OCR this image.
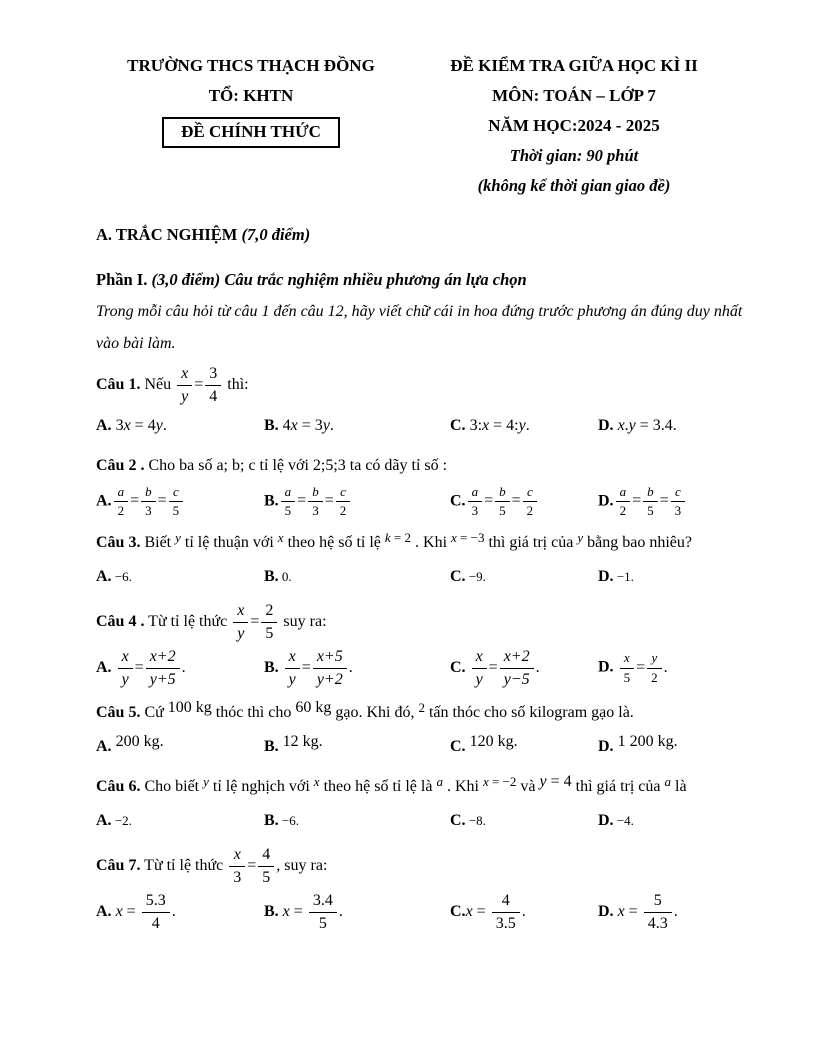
TRƯỜNG THCS THẠCH ĐỒNG

TỔ: KHTN

ĐỀ CHÍNH THỨC

ĐỀ KIỂM TRA GIỮA HỌC KÌ II

MÔN: TOÁN – LỚP 7

NĂM HỌC:2024 - 2025

Thời gian: 90 phút

(không kể thời gian giao đề)

A. TRẮC NGHIỆM (7,0 điểm)

Phần I. (3,0 điểm) Câu trắc nghiệm nhiều phương án lựa chọn

Trong mỗi câu hỏi từ câu 1 đến câu 12, hãy viết chữ cái in hoa đứng trước phương án đúng duy nhất vào bài làm.

Câu 1. Nếu $\frac{x}{y} = \frac{3}{4}$ thì:

A. 3x = 4y.	B. 4x = 3y.	C. 3:x = 4:y.	D. x.y = 3.4.

Câu 2 . Cho ba số a; b; c tỉ lệ với 2;5;3 ta có dãy tỉ số :

A. $\frac{a}{2} = \frac{b}{3} = \frac{c}{5}$	B. $\frac{a}{5} = \frac{b}{3} = \frac{c}{2}$	C. $\frac{a}{3} = \frac{b}{5} = \frac{c}{2}$	D. $\frac{a}{2} = \frac{b}{5} = \frac{c}{3}$

Câu 3. Biết $^y$ tỉ lệ thuận với $^x$ theo hệ số tỉ lệ $^k$ $^{= 2}$ . Khi $^x$ $^{= -3}$ thì giá trị của $^y$ bằng bao nhiêu?

A. −6.	B. 0.	C. −9.	D. −1.

Câu 4 . Từ tỉ lệ thức $\frac{x}{y} = \frac{2}{5}$ suy ra:

A. $\frac{x}{y} = \frac{x+2}{y+5}$ .	B. $\frac{x}{y} = \frac{x+5}{y+2}$ .	C. $\frac{x}{y} = \frac{x+2}{y-5}$ .	D. $\frac{x}{5} = \frac{y}{2}$ .

Câu 5. Cứ 100 kg thóc thì cho 60 kg gạo. Khi đó, $^2$ tấn thóc cho số kilogram gạo là.

A. 200 kg.	B. 12 kg.	C. 120 kg.	D. 1 200 kg.

Câu 6. Cho biết $^y$ tỉ lệ nghịch với $^x$ theo hệ số tỉ lệ là $^a$ . Khi $^x$ $^{= -2}$ và y = 4 thì giá trị của $^a$ là

A. −2.	B. −6.	C. −8.	D. −4.

Câu 7. Từ tỉ lệ thức $\frac{x}{3} = \frac{4}{5}$ , suy ra:

A. $x = \frac{5.3}{4}$ .	B. $x = \frac{3.4}{5}$ .	$C.x = \frac{4}{3.5}$ .	D. $x = \frac{5}{4.3}$ .
